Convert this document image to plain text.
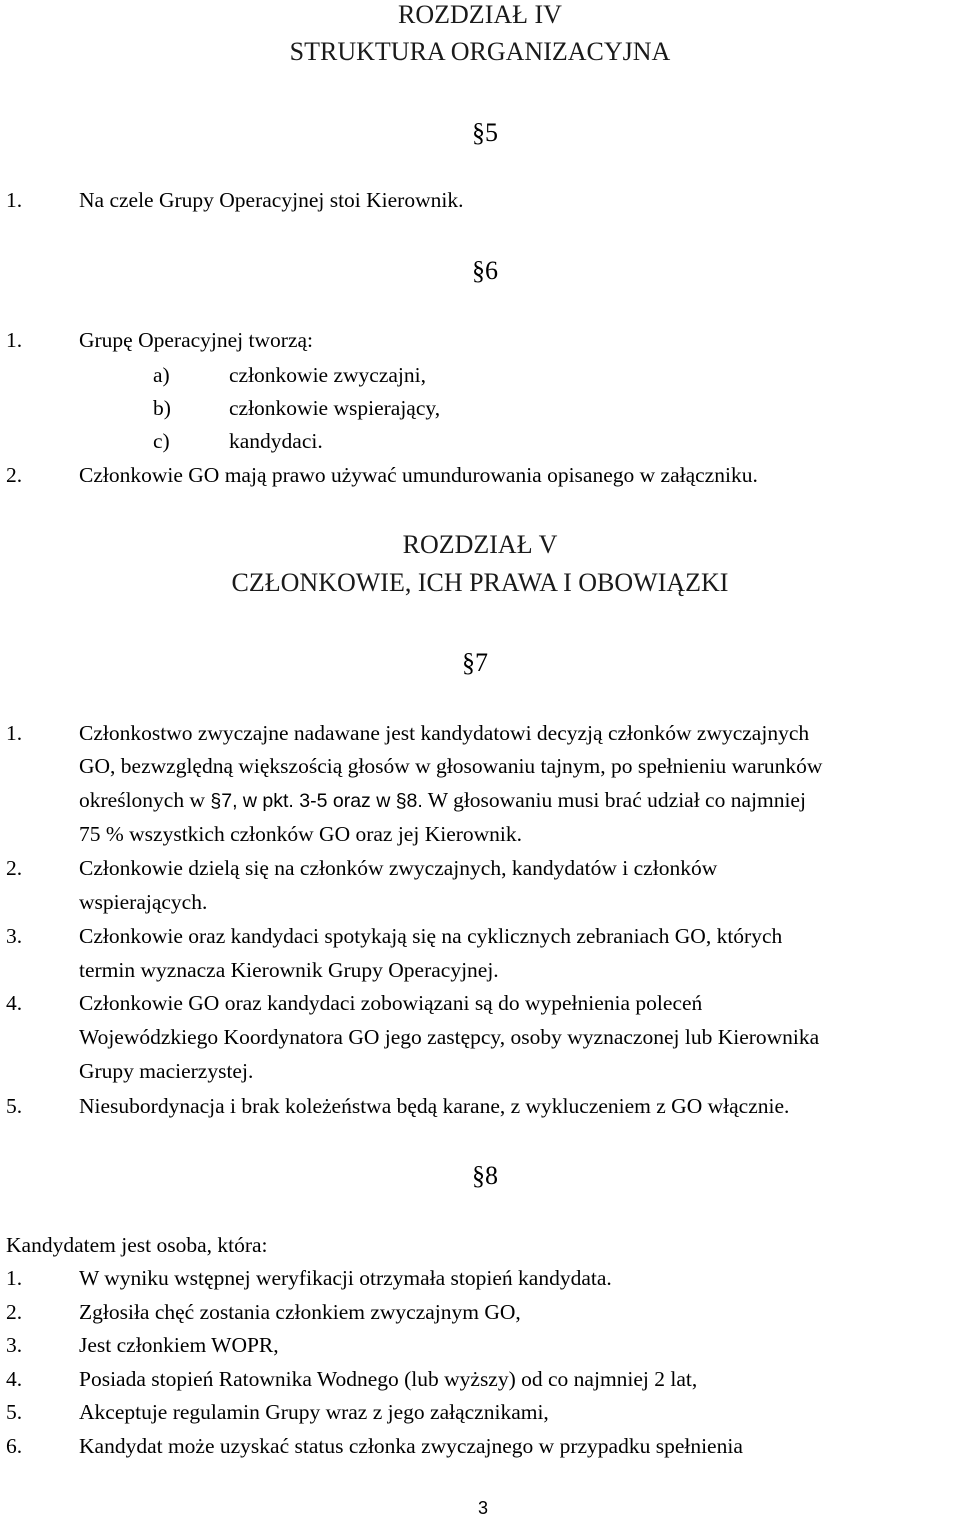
ROZDZIAŁ IV
STRUKTURA ORGANIZACYJNA
§5
1.	Na czele Grupy Operacyjnej stoi Kierownik.
§6
1.	Grupę Operacyjnej tworzą:
a)	członkowie zwyczajni,
b)	członkowie wspierający,
c)	kandydaci.
2.	Członkowie GO mają prawo używać umundurowania opisanego w załączniku.
ROZDZIAŁ V
CZŁONKOWIE, ICH PRAWA I OBOWIĄZKI
§7
1.	Członkostwo zwyczajne nadawane jest kandydatowi decyzją członków zwyczajnych
GO, bezwzględną większością głosów w głosowaniu tajnym, po spełnieniu warunków
określonych w §7, w pkt. 3-5 oraz w §8. W głosowaniu musi brać udział co najmniej
75 % wszystkich członków GO oraz jej Kierownik.
2.	Członkowie dzielą się na członków zwyczajnych, kandydatów i członków
wspierających.
3.	Członkowie oraz kandydaci spotykają się na cyklicznych zebraniach GO, których
termin wyznacza Kierownik Grupy Operacyjnej.
4.	Członkowie GO oraz kandydaci zobowiązani są do wypełnienia poleceń
Wojewódzkiego Koordynatora GO jego zastępcy, osoby wyznaczonej lub Kierownika
Grupy macierzystej.
5.	Niesubordynacja i brak koleżeństwa będą karane, z wykluczeniem z GO włącznie.
§8
Kandydatem jest osoba, która:
1.	W wyniku wstępnej weryfikacji otrzymała stopień kandydata.
2.	Zgłosiła chęć zostania członkiem zwyczajnym GO,
3.	Jest członkiem WOPR,
4.	Posiada stopień Ratownika Wodnego (lub wyższy) od co najmniej 2 lat,
5.	Akceptuje regulamin Grupy wraz z jego załącznikami,
6.	Kandydat może uzyskać status członka zwyczajnego w przypadku spełnienia
3
